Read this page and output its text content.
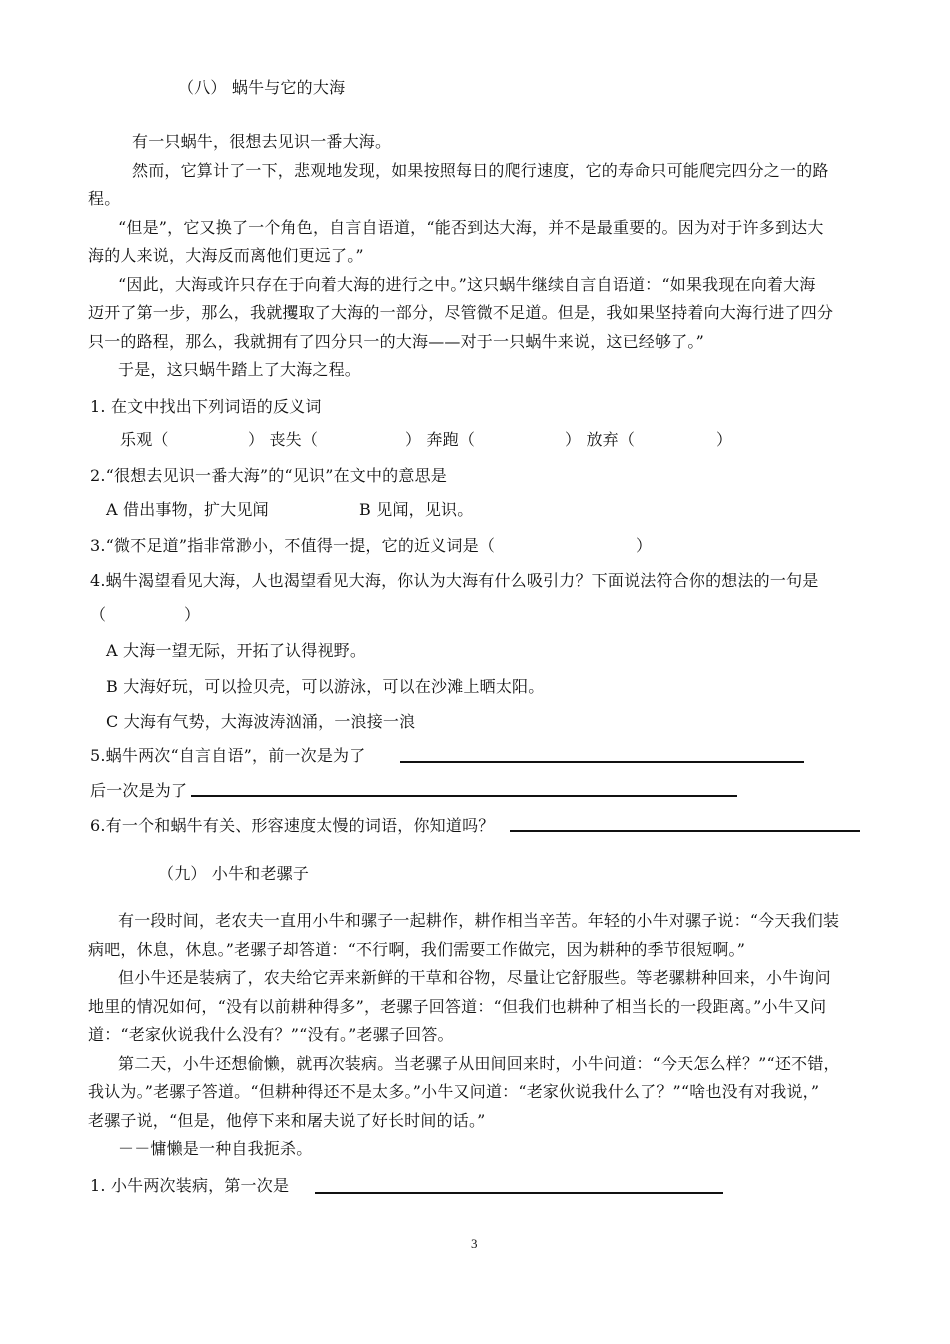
（八） 蜗牛与它的大海
有一只蜗牛，很想去见识一番大海。
然而，它算计了一下，悲观地发现，如果按照每日的爬行速度，它的寿命只可能爬完四分之一的路
程。
“但是”，它又换了一个角色，自言自语道，“能否到达大海，并不是最重要的。因为对于许多到达大
海的人来说，大海反而离他们更远了。”
“因此，大海或许只存在于向着大海的进行之中。”这只蜗牛继续自言自语道：“如果我现在向着大海
迈开了第一步，那么，我就攫取了大海的一部分，尽管微不足道。但是，我如果坚持着向大海行进了四分
只一的路程，那么，我就拥有了四分只一的大海——对于一只蜗牛来说，这已经够了。”
于是，这只蜗牛踏上了大海之程。
1. 在文中找出下列词语的反义词
乐观（	） 丧失（	） 奔跑（	） 放弃（	）
2.“很想去见识一番大海”的“见识”在文中的意思是
A 借出事物，扩大见闻	B 见闻，见识。
3.“微不足道”指非常渺小，不值得一提，它的近义词是（	）
4.蜗牛渴望看见大海，人也渴望看见大海，你认为大海有什么吸引力？下面说法符合你的想法的一句是
（	）
A 大海一望无际，开拓了认得视野。
B 大海好玩，可以捡贝壳，可以游泳，可以在沙滩上晒太阳。
C 大海有气势，大海波涛汹涌，一浪接一浪
5.蜗牛两次“自言自语”，前一次是为了
后一次是为了
6.有一个和蜗牛有关、形容速度太慢的词语，你知道吗？
（九） 小牛和老骡子
有一段时间，老农夫一直用小牛和骡子一起耕作，耕作相当辛苦。年轻的小牛对骡子说：“今天我们装
病吧，休息，休息。”老骡子却答道：“不行啊，我们需要工作做完，因为耕种的季节很短啊。”
但小牛还是装病了，农夫给它弄来新鲜的干草和谷物，尽量让它舒服些。等老骡耕种回来，小牛询问
地里的情况如何，“没有以前耕种得多”，老骡子回答道：“但我们也耕种了相当长的一段距离。”小牛又问
道：“老家伙说我什么没有？”“没有。”老骡子回答。
第二天，小牛还想偷懒，就再次装病。当老骡子从田间回来时，小牛问道：“今天怎么样？”“还不错，
我认为。”老骡子答道。“但耕种得还不是太多。”小牛又问道：“老家伙说我什么了？”“啥也没有对我说，”
老骡子说，“但是，他停下来和屠夫说了好长时间的话。”
－－慵懒是一种自我扼杀。
1. 小牛两次装病，第一次是
3
